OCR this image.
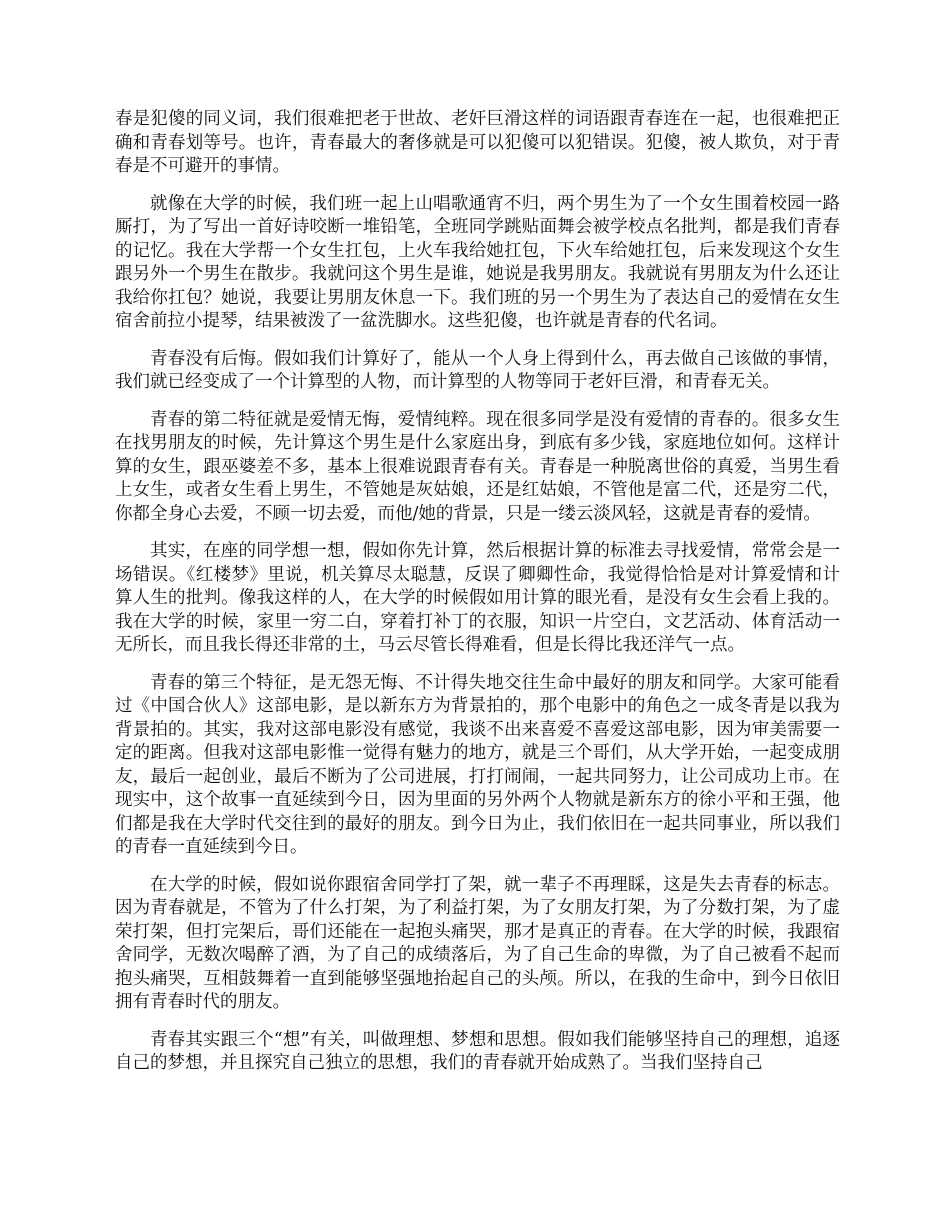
春是犯傻的同义词，我们很难把老于世故、老奸巨滑这样的词语跟青春连在一起，也很难把正确和青春划等号。也许，青春最大的奢侈就是可以犯傻可以犯错误。犯傻，被人欺负，对于青春是不可避开的事情。

就像在大学的时候，我们班一起上山唱歌通宵不归，两个男生为了一个女生围着校园一路厮打，为了写出一首好诗咬断一堆铅笔，全班同学跳贴面舞会被学校点名批判，都是我们青春的记忆。我在大学帮一个女生扛包，上火车我给她扛包，下火车给她扛包，后来发现这个女生跟另外一个男生在散步。我就问这个男生是谁，她说是我男朋友。我就说有男朋友为什么还让我给你扛包？她说，我要让男朋友休息一下。我们班的另一个男生为了表达自己的爱情在女生宿舍前拉小提琴，结果被泼了一盆洗脚水。这些犯傻，也许就是青春的代名词。

青春没有后悔。假如我们计算好了，能从一个人身上得到什么，再去做自己该做的事情，我们就已经变成了一个计算型的人物，而计算型的人物等同于老奸巨滑，和青春无关。

青春的第二特征就是爱情无悔，爱情纯粹。现在很多同学是没有爱情的青春的。很多女生在找男朋友的时候，先计算这个男生是什么家庭出身，到底有多少钱，家庭地位如何。这样计算的女生，跟巫婆差不多，基本上很难说跟青春有关。青春是一种脱离世俗的真爱，当男生看上女生，或者女生看上男生，不管她是灰姑娘，还是红姑娘，不管他是富二代，还是穷二代，你都全身心去爱，不顾一切去爱，而他/她的背景，只是一缕云淡风轻，这就是青春的爱情。

其实，在座的同学想一想，假如你先计算，然后根据计算的标准去寻找爱情，常常会是一场错误。《红楼梦》里说，机关算尽太聪慧，反误了卿卿性命，我觉得恰恰是对计算爱情和计算人生的批判。像我这样的人，在大学的时候假如用计算的眼光看，是没有女生会看上我的。我在大学的时候，家里一穷二白，穿着打补丁的衣服，知识一片空白，文艺活动、体育活动一无所长，而且我长得还非常的土，马云尽管长得难看，但是长得比我还洋气一点。

青春的第三个特征，是无怨无悔、不计得失地交往生命中最好的朋友和同学。大家可能看过《中国合伙人》这部电影，是以新东方为背景拍的，那个电影中的角色之一成冬青是以我为背景拍的。其实，我对这部电影没有感觉，我谈不出来喜爱不喜爱这部电影，因为审美需要一定的距离。但我对这部电影惟一觉得有魅力的地方，就是三个哥们，从大学开始，一起变成朋友，最后一起创业，最后不断为了公司进展，打打闹闹，一起共同努力，让公司成功上市。在现实中，这个故事一直延续到今日，因为里面的另外两个人物就是新东方的徐小平和王强，他们都是我在大学时代交往到的最好的朋友。到今日为止，我们依旧在一起共同事业，所以我们的青春一直延续到今日。

在大学的时候，假如说你跟宿舍同学打了架，就一辈子不再理睬，这是失去青春的标志。因为青春就是，不管为了什么打架，为了利益打架，为了女朋友打架，为了分数打架，为了虚荣打架，但打完架后，哥们还能在一起抱头痛哭，那才是真正的青春。在大学的时候，我跟宿舍同学，无数次喝醉了酒，为了自己的成绩落后，为了自己生命的卑微，为了自己被看不起而抱头痛哭，互相鼓舞着一直到能够坚强地抬起自己的头颅。所以，在我的生命中，到今日依旧拥有青春时代的朋友。

青春其实跟三个“想”有关，叫做理想、梦想和思想。假如我们能够坚持自己的理想，追逐自己的梦想，并且探究自己独立的思想，我们的青春就开始成熟了。当我们坚持自己
